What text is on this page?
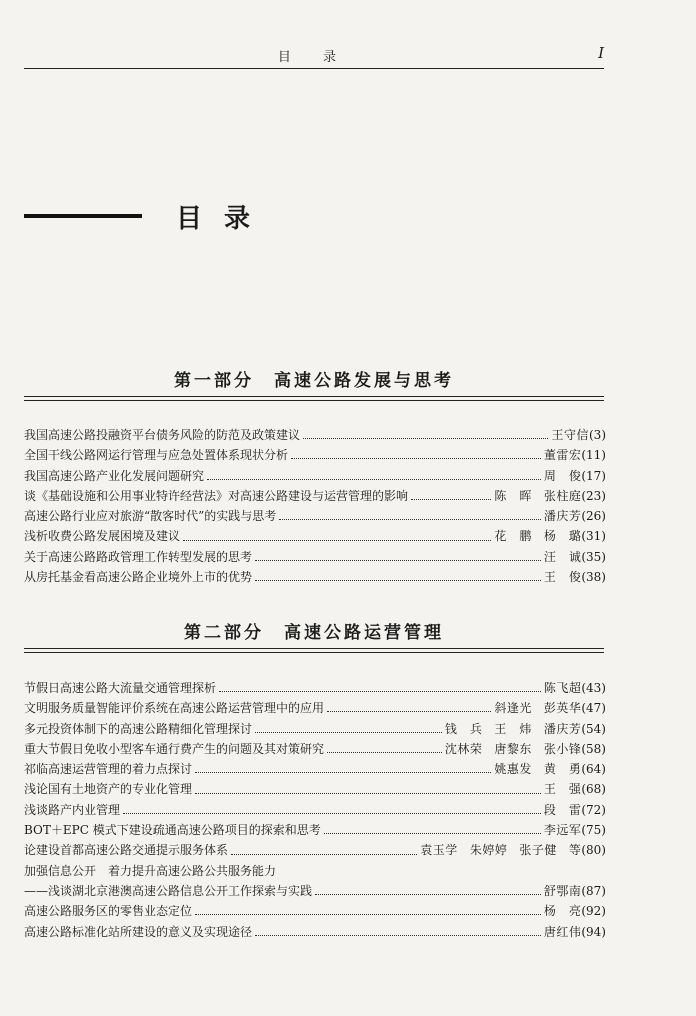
目 录	I
目录
第一部分　高速公路发展与思考
我国高速公路投融资平台债务风险的防范及政策建议	王守信 (3)
全国干线公路网运行管理与应急处置体系现状分析	董雷宏 (11)
我国高速公路产业化发展问题研究	周　俊 (17)
谈《基础设施和公用事业特许经营法》对高速公路建设与运营管理的影响	陈　晖 张柱庭 (23)
高速公路行业应对旅游“散客时代”的实践与思考	潘庆芳 (26)
浅析收费公路发展困境及建议	花　鹏 杨　璐 (31)
关于高速公路路政管理工作转型发展的思考	汪　诚 (35)
从房托基金看高速公路企业境外上市的优势	王　俊 (38)
第二部分　高速公路运营管理
节假日高速公路大流量交通管理探析	陈飞超 (43)
文明服务质量智能评价系统在高速公路运营管理中的应用	斜逢光 彭英华 (47)
多元投资体制下的高速公路精细化管理探讨	钱　兵 王　炜 潘庆芳 (54)
重大节假日免收小型客车通行费产生的问题及其对策研究	沈林荣 唐黎东 张小锋 (58)
祁临高速运营管理的着力点探讨	姚惠发 黄　勇 (64)
浅论国有土地资产的专业化管理	王　强 (68)
浅谈路产内业管理	段　雷 (72)
BOT＋EPC 模式下建设疏通高速公路项目的探索和思考	李远军 (75)
论建设首都高速公路交通提示服务体系	袁玉学 朱婷婷 张子健 等 (80)
加强信息公开　着力提升高速公路公共服务能力
——浅谈湖北京港澳高速公路信息公开工作探索与实践	舒鄂南 (87)
高速公路服务区的零售业态定位	杨　亮 (92)
高速公路标准化站所建设的意义及实现途径	唐红伟 (94)
